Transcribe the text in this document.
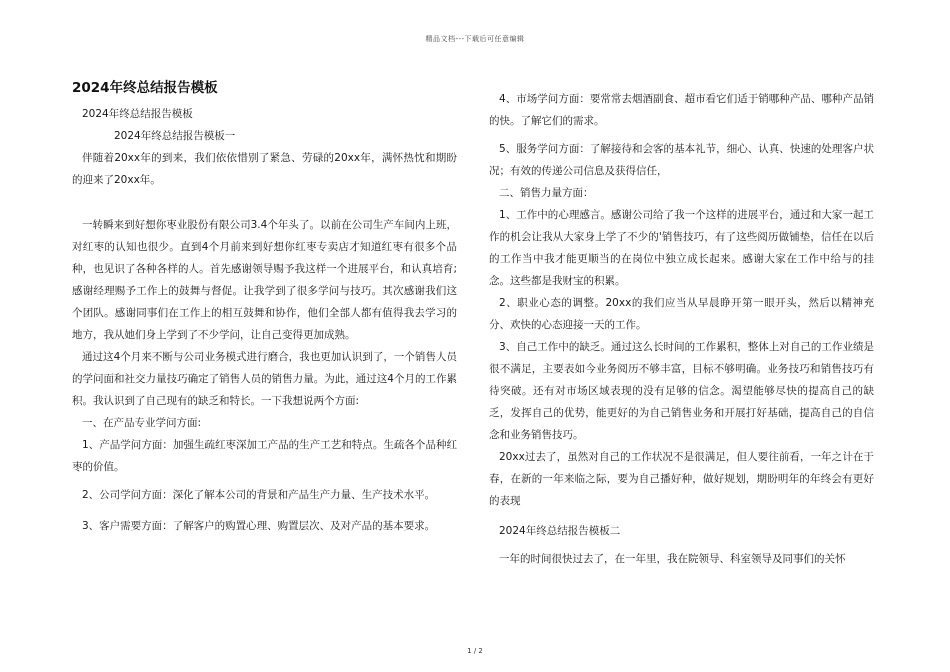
精品文档---下载后可任意编辑
2024年终总结报告模板

2024年终总结报告模板

2024年终总结报告模板一

伴随着20xx年的到来，我们依依惜别了紧急、劳碌的20xx年，满怀热忱和期盼的迎来了20xx年。

一转瞬来到好想你枣业股份有限公司3.4个年头了。以前在公司生产车间内上班，对红枣的认知也很少。直到4个月前来到好想你红枣专卖店才知道红枣有很多个品种，也见识了各种各样的人。首先感谢领导赐予我这样一个进展平台，和认真培育;感谢经理赐予工作上的鼓舞与督促。让我学到了很多学问与技巧。其次感谢我们这个团队。感谢同事们在工作上的相互鼓舞和协作，他们全部人都有值得我去学习的地方，我从她们身上学到了不少学问，让自己变得更加成熟。

通过这4个月来不断与公司业务模式进行磨合，我也更加认识到了，一个销售人员的学问面和社交力量技巧确定了销售人员的销售力量。为此，通过这4个月的工作累积。我认识到了自己现有的缺乏和特长。一下我想说两个方面:

一、在产品专业学问方面:

1、产品学问方面：加强生疏红枣深加工产品的生产工艺和特点。生疏各个品种红枣的价值。

2、公司学问方面：深化了解本公司的背景和产品生产力量、生产技术水平。

3、客户需要方面：了解客户的购置心理、购置层次、及对产品的基本要求。

4、市场学问方面：要常常去烟酒副食、超市看它们适于销哪种产品、哪种产品销的快。了解它们的需求。

5、服务学问方面：了解接待和会客的基本礼节，细心、认真、快速的处理客户状况；有效的传递公司信息及获得信任，

二、销售力量方面：

1、工作中的心理感言。感谢公司给了我一个这样的进展平台，通过和大家一起工作的机会让我从大家身上学了不少的'销售技巧，有了这些阅历做铺垫，信任在以后的工作当中我才能更顺当的在岗位中独立成长起来。感谢大家在工作中给与的挂念。这些都是我财宝的积累。

2、职业心态的调整。20xx的我们应当从早晨睁开第一眼开头，然后以精神充分、欢快的心态迎接一天的工作。

3、自己工作中的缺乏。通过这么长时间的工作累积，整体上对自己的工作业绩是很不满足，主要表如今业务阅历不够丰富，目标不够明确。业务技巧和销售技巧有待突破。还有对市场区域表现的没有足够的信念。渴望能够尽快的提高自己的缺乏，发挥自己的优势，能更好的为自己销售业务和开展打好基础，提高自己的自信念和业务销售技巧。

20xx过去了，虽然对自己的工作状况不是很满足，但人要往前看，一年之计在于春，在新的一年来临之际，要为自己播好种，做好规划，期盼明年的年终会有更好的表现

2024年终总结报告模板二

一年的时间很快过去了，在一年里，我在院领导、科室领导及同事们的关怀

1 / 2
